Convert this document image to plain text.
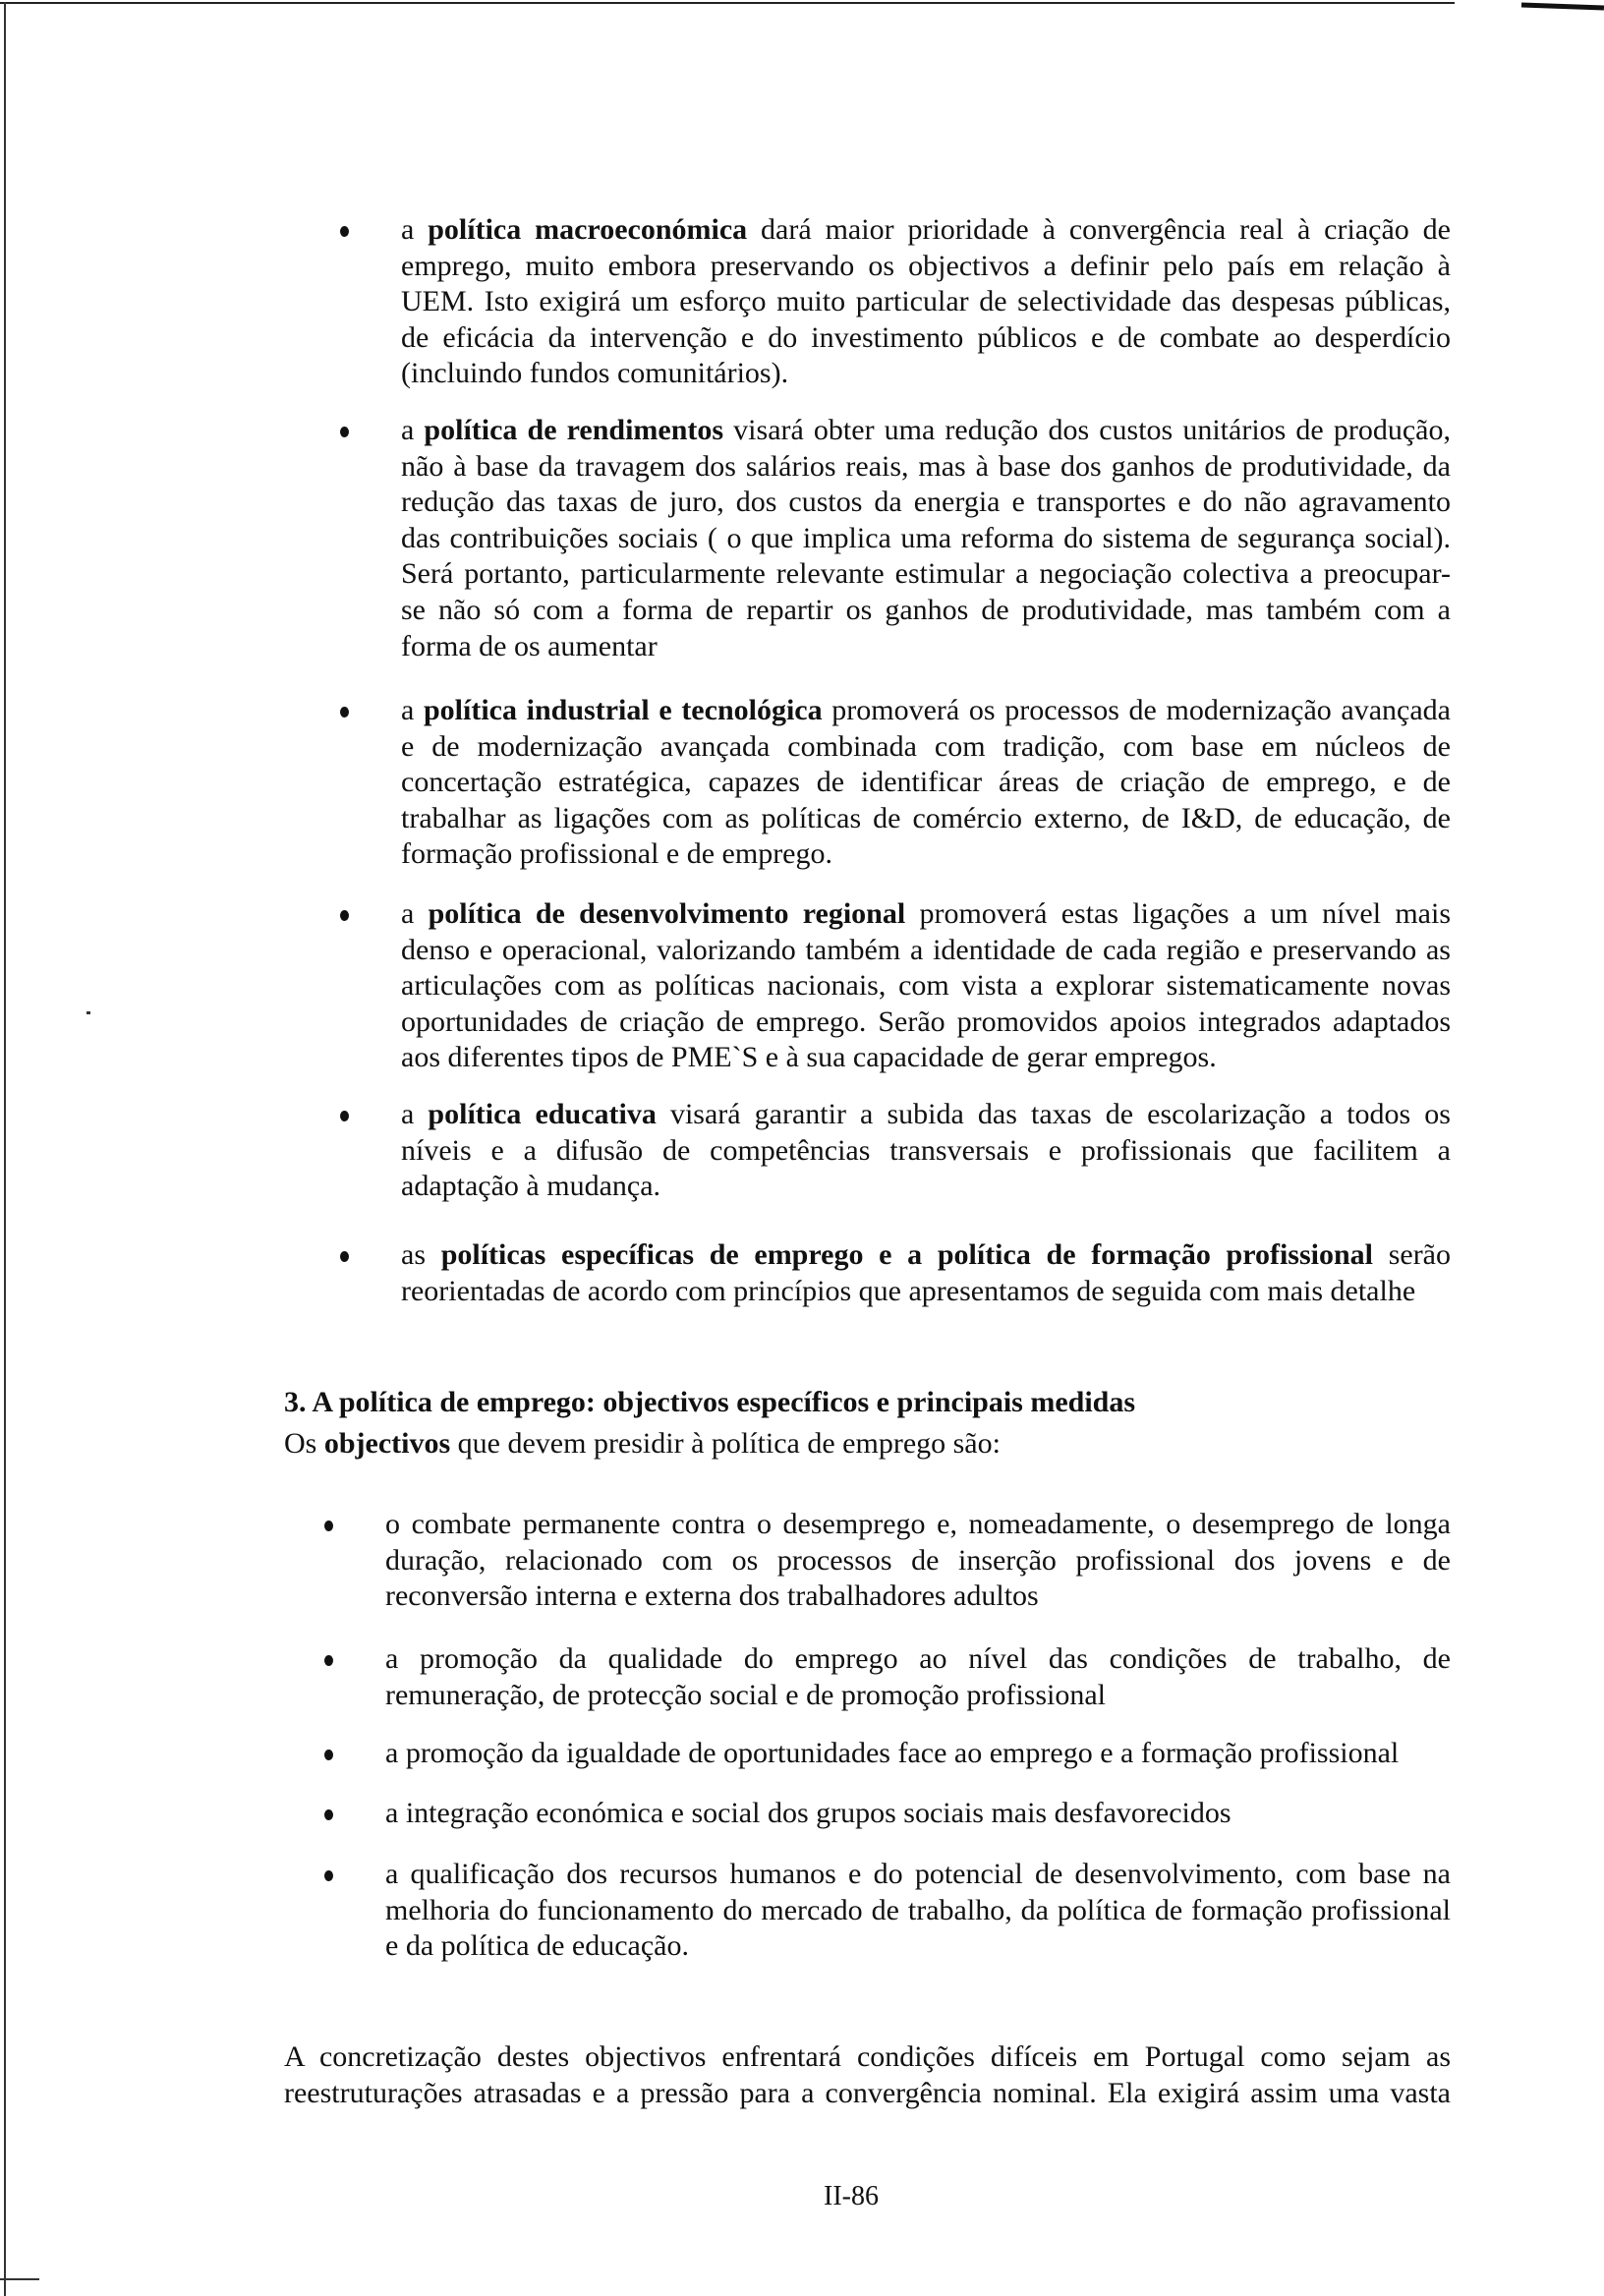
3. A política de emprego: objectivos específicos e principais medidas
Os objectivos que devem presidir à política de emprego são:
II-86
a política macroeconómica dará maior prioridade à convergência real à criação de
emprego, muito embora preservando os objectivos a definir pelo país em relação à
UEM. Isto exigirá um esforço muito particular de selectividade das despesas públicas,
de eficácia da intervenção e do investimento públicos e de combate ao desperdício
(incluindo fundos comunitários).
a política de rendimentos visará obter uma redução dos custos unitários de produção,
não à base da travagem dos salários reais, mas à base dos ganhos de produtividade, da
redução das taxas de juro, dos custos da energia e transportes e do não agravamento
das contribuições sociais ( o que implica uma reforma do sistema de segurança social).
Será portanto, particularmente relevante estimular a negociação colectiva a preocupar-
se não só com a forma de repartir os ganhos de produtividade, mas também com a
forma de os aumentar
a política industrial e tecnológica promoverá os processos de modernização avançada
e de modernização avançada combinada com tradição, com base em núcleos de
concertação estratégica, capazes de identificar áreas de criação de emprego, e de
trabalhar as ligações com as políticas de comércio externo, de I&D, de educação, de
formação profissional e de emprego.
a política de desenvolvimento regional promoverá estas ligações a um nível mais
denso e operacional, valorizando também a identidade de cada região e preservando as
articulações com as políticas nacionais, com vista a explorar sistematicamente novas
oportunidades de criação de emprego. Serão promovidos apoios integrados adaptados
aos diferentes tipos de PME`S e à sua capacidade de gerar empregos.
a política educativa visará garantir a subida das taxas de escolarização a todos os
níveis e a difusão de competências transversais e profissionais que facilitem a
adaptação à mudança.
as políticas específicas de emprego e a política de formação profissional serão
reorientadas de acordo com princípios que apresentamos de seguida com mais detalhe
o combate permanente contra o desemprego e, nomeadamente, o desemprego de longa
duração, relacionado com os processos de inserção profissional dos jovens e de
reconversão interna e externa dos trabalhadores adultos
a promoção da qualidade do emprego ao nível das condições de trabalho, de
remuneração, de protecção social e de promoção profissional
a promoção da igualdade de oportunidades face ao emprego e a formação profissional
a integração económica e social dos grupos sociais mais desfavorecidos
a qualificação dos recursos humanos e do potencial de desenvolvimento, com base na
melhoria do funcionamento do mercado de trabalho, da política de formação profissional
e da política de educação.
A concretização destes objectivos enfrentará condições difíceis em Portugal como sejam as
reestruturações atrasadas e a pressão para a convergência nominal. Ela exigirá assim uma vasta
